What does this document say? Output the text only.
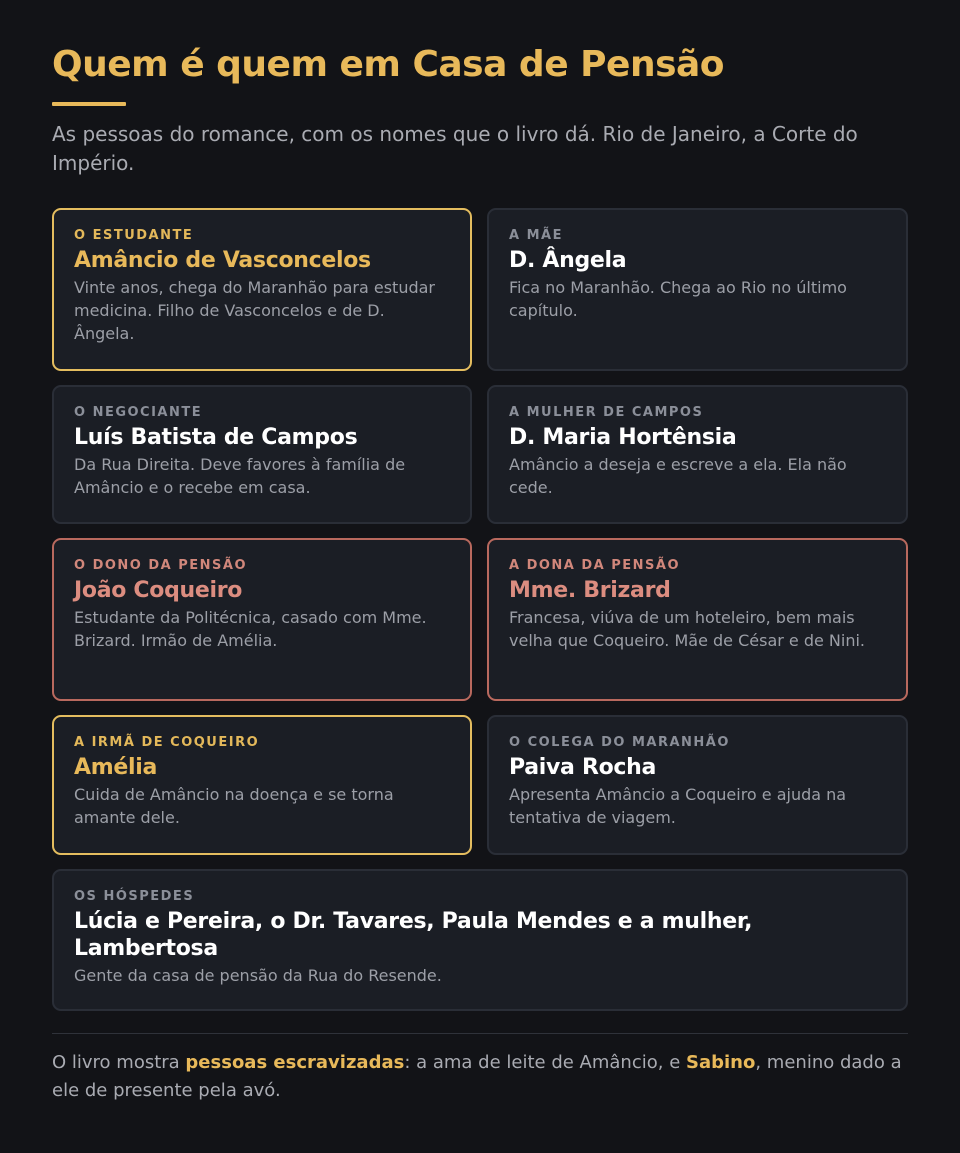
Quem é quem em Casa de Pensão

As pessoas do romance, com os nomes que o livro dá. Rio de Janeiro, a Corte do Império.

O ESTUDANTE
Amâncio de Vasconcelos
Vinte anos, chega do Maranhão para estudar medicina. Filho de Vasconcelos e de D. Ângela.
A MÃE
D. Ângela
Fica no Maranhão. Chega ao Rio no último capítulo.
O NEGOCIANTE
Luís Batista de Campos
Da Rua Direita. Deve favores à família de Amâncio e o recebe em casa.
A MULHER DE CAMPOS
D. Maria Hortênsia
Amâncio a deseja e escreve a ela. Ela não cede.
O DONO DA PENSÃO
João Coqueiro
Estudante da Politécnica, casado com Mme. Brizard. Irmão de Amélia.
A DONA DA PENSÃO
Mme. Brizard
Francesa, viúva de um hoteleiro, bem mais velha que Coqueiro. Mãe de César e de Nini.
A IRMÃ DE COQUEIRO
Amélia
Cuida de Amâncio na doença e se torna amante dele.
O COLEGA DO MARANHÃO
Paiva Rocha
Apresenta Amâncio a Coqueiro e ajuda na tentativa de viagem.
OS HÓSPEDES
Lúcia e Pereira, o Dr. Tavares, Paula Mendes e a mulher, Lambertosa
Gente da casa de pensão da Rua do Resende.

O livro mostra pessoas escravizadas: a ama de leite de Amâncio, e Sabino, menino dado a ele de presente pela avó.
